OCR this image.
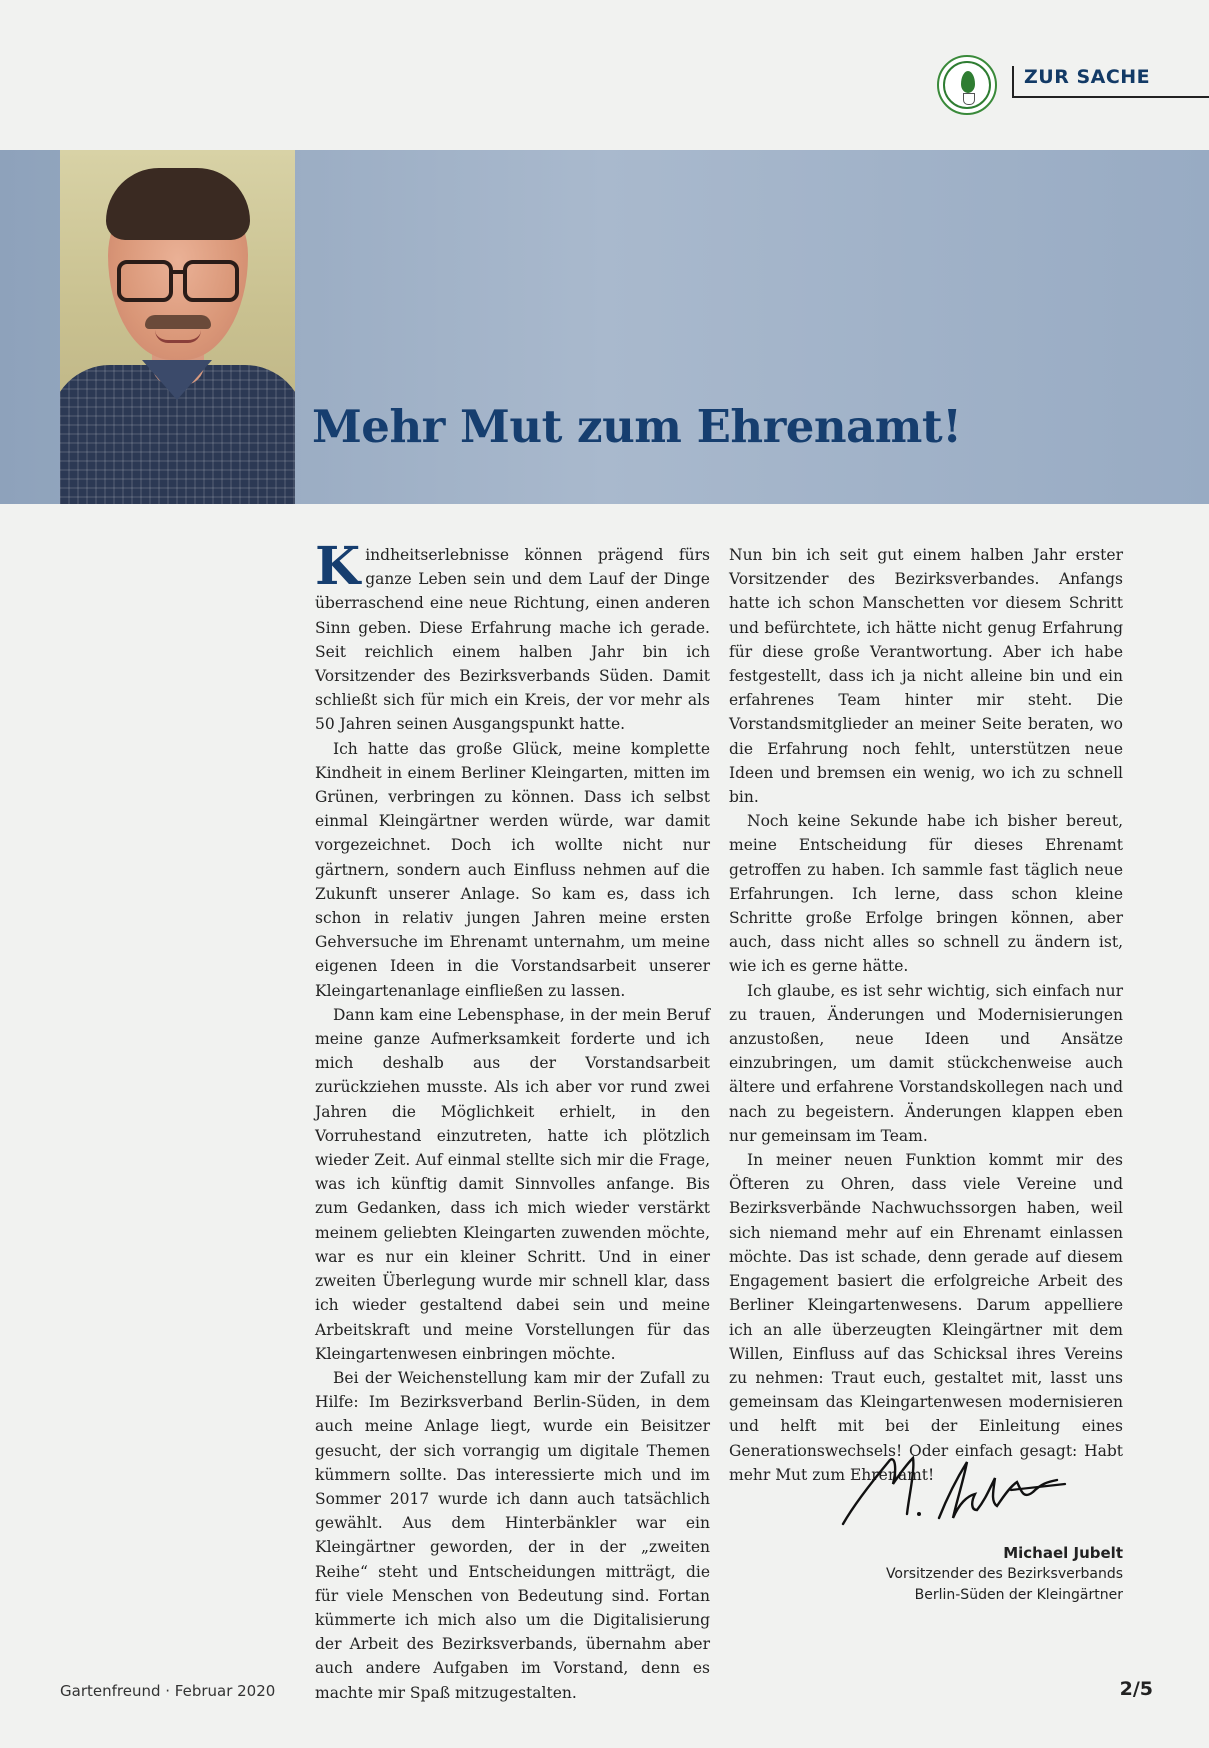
ZUR SACHE
Mehr Mut zum Ehrenamt!

Kindheitserlebnisse können prägend fürs ganze Leben sein und dem Lauf der Dinge überraschend eine neue Richtung, einen anderen Sinn geben. Diese Erfahrung mache ich gerade. Seit reichlich einem halben Jahr bin ich Vorsitzender des Bezirksverbands Süden. Damit schließt sich für mich ein Kreis, der vor mehr als 50 Jahren seinen Ausgangspunkt hatte.

Ich hatte das große Glück, meine komplette Kindheit in einem Berliner Kleingarten, mitten im Grünen, verbringen zu können. Dass ich selbst einmal Kleingärtner werden würde, war damit vorgezeichnet. Doch ich wollte nicht nur gärtnern, sondern auch Einfluss nehmen auf die Zukunft unserer Anlage. So kam es, dass ich schon in relativ jungen Jahren meine ersten Gehversuche im Ehrenamt unternahm, um meine eigenen Ideen in die Vorstandsarbeit unserer Kleingartenanlage einfließen zu lassen.

Dann kam eine Lebensphase, in der mein Beruf meine ganze Aufmerksamkeit forderte und ich mich deshalb aus der Vorstandsarbeit zurückziehen musste. Als ich aber vor rund zwei Jahren die Möglichkeit erhielt, in den Vorruhestand einzutreten, hatte ich plötzlich wieder Zeit. Auf einmal stellte sich mir die Frage, was ich künftig damit Sinnvolles anfange. Bis zum Gedanken, dass ich mich wieder verstärkt meinem geliebten Kleingarten zuwenden möchte, war es nur ein kleiner Schritt. Und in einer zweiten Überlegung wurde mir schnell klar, dass ich wieder gestaltend dabei sein und meine Arbeitskraft und meine Vorstellungen für das Kleingartenwesen einbringen möchte.

Bei der Weichenstellung kam mir der Zufall zu Hilfe: Im Bezirksverband Berlin-Süden, in dem auch meine Anlage liegt, wurde ein Beisitzer gesucht, der sich vorrangig um digitale Themen kümmern sollte. Das interessierte mich und im Sommer 2017 wurde ich dann auch tatsächlich gewählt. Aus dem Hinterbänkler war ein Kleingärtner geworden, der in der „zweiten Reihe“ steht und Entscheidungen mitträgt, die für viele Menschen von Bedeutung sind. Fortan kümmerte ich mich also um die Digitalisierung der Arbeit des Bezirksverbands, übernahm aber auch andere Aufgaben im Vorstand, denn es machte mir Spaß mitzugestalten.

Nun bin ich seit gut einem halben Jahr erster Vorsitzender des Bezirksverbandes. Anfangs hatte ich schon Manschetten vor diesem Schritt und befürchtete, ich hätte nicht genug Erfahrung für diese große Verantwortung. Aber ich habe festgestellt, dass ich ja nicht alleine bin und ein erfahrenes Team hinter mir steht. Die Vorstandsmitglieder an meiner Seite beraten, wo die Erfahrung noch fehlt, unterstützen neue Ideen und bremsen ein wenig, wo ich zu schnell bin.

Noch keine Sekunde habe ich bisher bereut, meine Entscheidung für dieses Ehrenamt getroffen zu haben. Ich sammle fast täglich neue Erfahrungen. Ich lerne, dass schon kleine Schritte große Erfolge bringen können, aber auch, dass nicht alles so schnell zu ändern ist, wie ich es gerne hätte.

Ich glaube, es ist sehr wichtig, sich einfach nur zu trauen, Änderungen und Modernisierungen anzustoßen, neue Ideen und Ansätze einzubringen, um damit stückchenweise auch ältere und erfahrene Vorstandskollegen nach und nach zu begeistern. Änderungen klappen eben nur gemeinsam im Team.

In meiner neuen Funktion kommt mir des Öfteren zu Ohren, dass viele Vereine und Bezirksverbände Nachwuchssorgen haben, weil sich niemand mehr auf ein Ehrenamt einlassen möchte. Das ist schade, denn gerade auf diesem Engagement basiert die erfolgreiche Arbeit des Berliner Kleingartenwesens. Darum appelliere ich an alle überzeugten Kleingärtner mit dem Willen, Einfluss auf das Schicksal ihres Vereins zu nehmen: Traut euch, gestaltet mit, lasst uns gemeinsam das Kleingartenwesen modernisieren und helft mit bei der Einleitung eines Generationswechsels! Oder einfach gesagt: Habt mehr Mut zum Ehrenamt!

Michael Jubelt
Vorsitzender des Bezirksverbands
Berlin-Süden der Kleingärtner
Gartenfreund · Februar 2020	2/5
